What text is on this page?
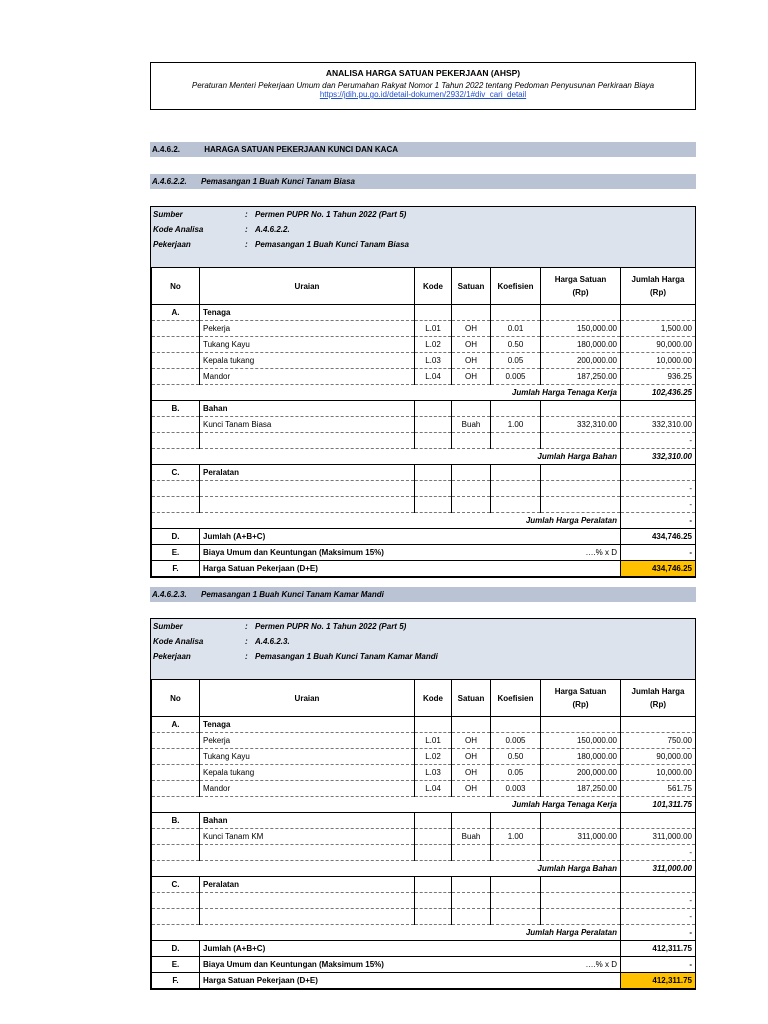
ANALISA HARGA SATUAN PEKERJAAN (AHSP)
Peraturan Menteri Pekerjaan Umum dan Perumahan Rakyat Nomor 1 Tahun 2022 tentang Pedoman Penyusunan Perkiraan Biaya
https://jdih.pu.go.id/detail-dokumen/2932/1#div_cari_detail
A.4.6.2.	HARAGA SATUAN PEKERJAAN KUNCI DAN KACA
A.4.6.2.2. Pemasangan 1 Buah Kunci Tanam Biasa
Sumber	: Permen PUPR No. 1 Tahun 2022 (Part 5)
Kode Analisa	: A.4.6.2.2.
Pekerjaan	: Pemasangan 1 Buah Kunci Tanam Biasa
No	Uraian	Kode	Satuan	Koefisien	Harga Satuan
(Rp)	Jumlah Harga
(Rp)
A.	Tenaga					
	Pekerja	L.01	OH	0.01	150,000.00	1,500.00
	Tukang Kayu	L.02	OH	0.50	180,000.00	90,000.00
	Kepala tukang	L.03	OH	0.05	200,000.00	10,000.00
	Mandor	L.04	OH	0.005	187,250.00	936.25
	Jumlah Harga Tenaga Kerja					102,436.25
B.	Bahan					
	Kunci Tanam Biasa		Buah	1.00	332,310.00	332,310.00
						-
	Jumlah Harga Bahan					332,310.00
C.	Peralatan					
						-
						-
	Jumlah Harga Peralatan					-
D.	Jumlah (A+B+C)					434,746.25
E.	Biaya Umum dan Keuntungan (Maksimum 15%)				….% x D	-
F.	Harga Satuan Pekerjaan (D+E)					434,746.25
A.4.6.2.3. Pemasangan 1 Buah Kunci Tanam Kamar Mandi
Sumber	: Permen PUPR No. 1 Tahun 2022 (Part 5)
Kode Analisa	: A.4.6.2.3.
Pekerjaan	: Pemasangan 1 Buah Kunci Tanam Kamar Mandi
No	Uraian	Kode	Satuan	Koefisien	Harga Satuan
(Rp)	Jumlah Harga
(Rp)
A.	Tenaga					
	Pekerja	L.01	OH	0.005	150,000.00	750.00
	Tukang Kayu	L.02	OH	0.50	180,000.00	90,000.00
	Kepala tukang	L.03	OH	0.05	200,000.00	10,000.00
	Mandor	L.04	OH	0.003	187,250.00	561.75
	Jumlah Harga Tenaga Kerja					101,311.75
B.	Bahan					
	Kunci Tanam KM		Buah	1.00	311,000.00	311,000.00
						-
	Jumlah Harga Bahan					311,000.00
C.	Peralatan					
						-
						-
	Jumlah Harga Peralatan					-
D.	Jumlah (A+B+C)					412,311.75
E.	Biaya Umum dan Keuntungan (Maksimum 15%)				….% x D	-
F.	Harga Satuan Pekerjaan (D+E)					412,311.75
